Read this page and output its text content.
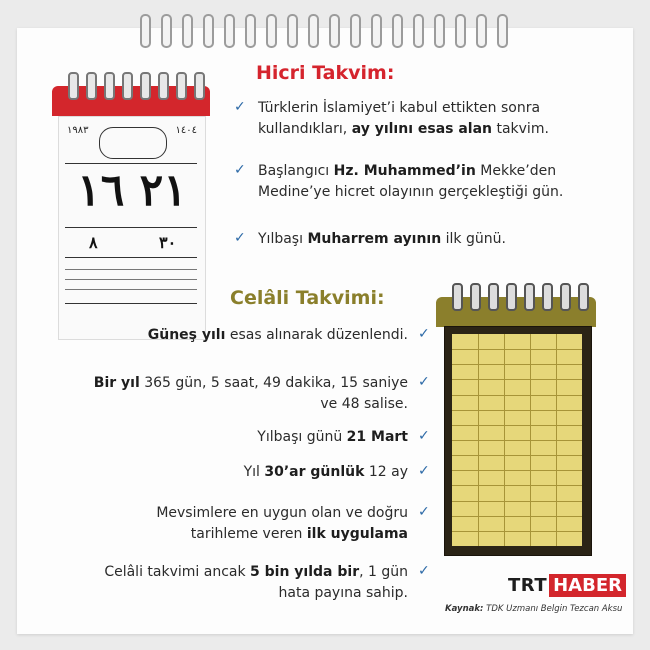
١٩٨٣	١٤٠٤
٢١ ١٦
٨	٣٠
Hicri Takvim:
✓ Türklerin İslamiyet’i kabul ettikten sonra kullandıkları, ay yılını esas alan takvim.
✓ Başlangıcı Hz. Muhammed’in Mekke’den Medine’ye hicret olayının gerçekleştiği gün.
✓ Yılbaşı Muharrem ayının ilk günü.
Celâli Takvimi:
Güneş yılı esas alınarak düzenlendi. ✓
Bir yıl 365 gün, 5 saat, 49 dakika, 15 saniye ve 48 salise.
✓
Yılbaşı günü 21 Mart ✓
Yıl 30’ar günlük 12 ay ✓
Mevsimlere en uygun olan ve doğru tarihleme veren ilk uygulama
✓
Celâli takvimi ancak 5 bin yılda bir, 1 gün hata payına sahip.
✓
TRT HABER
Kaynak: TDK Uzmanı Belgin Tezcan Aksu
